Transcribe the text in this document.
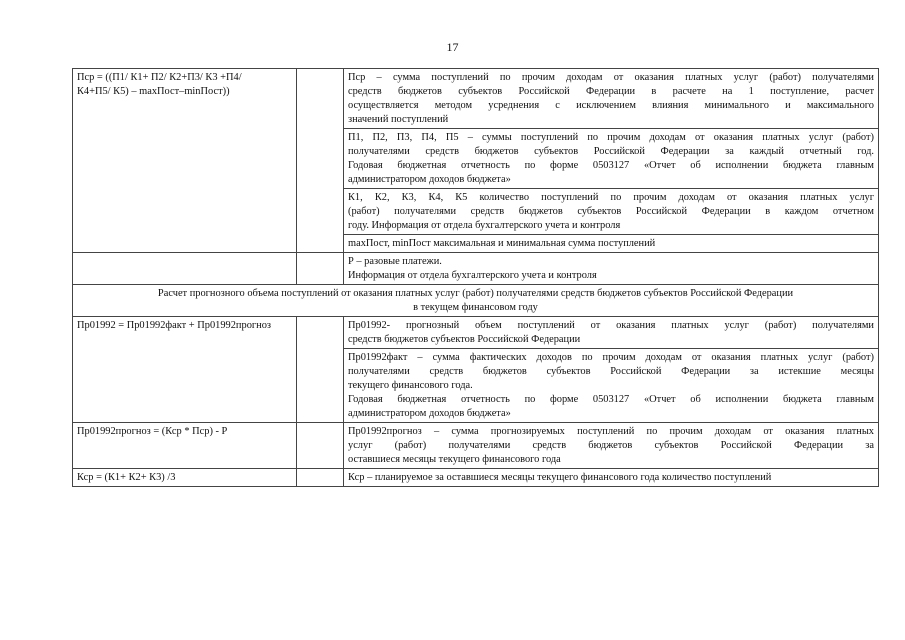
17
Пср = ((П1/ К1+ П2/ К2+П3/ К3 +П4/
К4+П5/ К5) – maxПост–minПост))		Пср – сумма поступлений по прочим доходам от оказания платных услуг (работ) получателями
средств бюджетов субъектов Российской Федерации в расчете на 1 поступление, расчет
осуществляется методом усреднения с исключением влияния минимального и максимального
значений поступлений

		П1, П2, П3, П4, П5 – суммы поступлений по прочим доходам от оказания платных услуг (работ)
получателями средств бюджетов субъектов Российской Федерации за каждый отчетный год.
Годовая бюджетная отчетность по форме 0503127 «Отчет об исполнении бюджета главным
администратором доходов бюджета»

		К1, К2, К3, К4, К5 количество поступлений по прочим доходам от оказания платных услуг
(работ) получателями средств бюджетов субъектов Российской Федерации в каждом отчетном
году. Информация от отдела бухгалтерского учета и контроля

		maxПост, minПост максимальная и минимальная сумма поступлений

		Р – разовые платежи.
Информация от отдела бухгалтерского учета и контроля

Расчет прогнозного объема поступлений от оказания платных услуг (работ) получателями средств бюджетов субъектов Российской Федерации
в текущем финансовом году		

Пр01992 = Пр01992факт + Пр01992прогноз		Пр01992- прогнозный объем поступлений от оказания платных услуг (работ) получателями
средств бюджетов субъектов Российской Федерации

		Пр01992факт – сумма фактических доходов по прочим доходам от оказания платных услуг (работ)
получателями средств бюджетов субъектов Российской Федерации за истекшие месяцы
текущего финансового года.
Годовая бюджетная отчетность по форме 0503127 «Отчет об исполнении бюджета главным
администратором доходов бюджета»

Пр01992прогноз = (Кср * Пср) - Р		Пр01992прогноз – сумма прогнозируемых поступлений по прочим доходам от оказания платных
услуг (работ) получателями средств бюджетов субъектов Российской Федерации за
оставшиеся месяцы текущего финансового года

Кср = (К1+ К2+ К3) /3		Кср – планируемое за оставшиеся месяцы текущего финансового года количество поступлений
